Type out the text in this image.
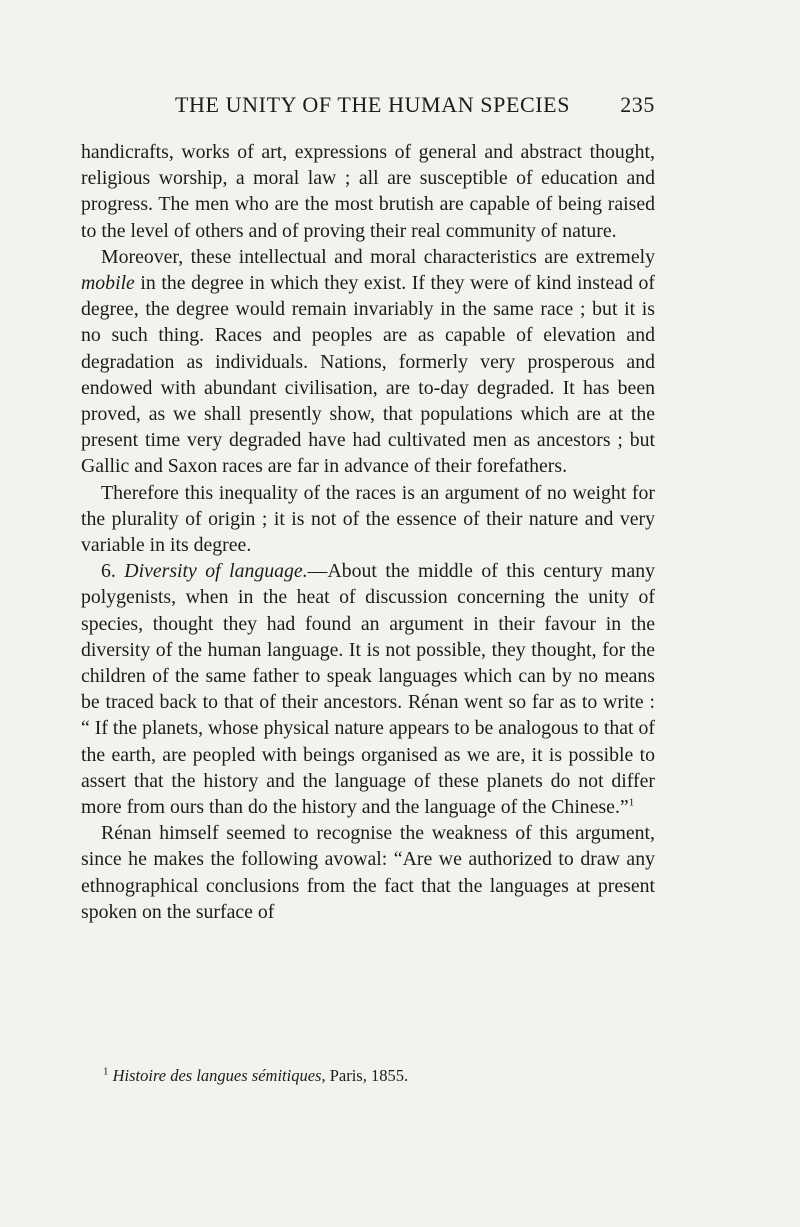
THE UNITY OF THE HUMAN SPECIES 235

handicrafts, works of art, expressions of general and abstract thought, religious worship, a moral law ; all are susceptible of education and progress. The men who are the most brutish are capable of being raised to the level of others and of proving their real community of nature.

Moreover, these intellectual and moral characteristics are extremely mobile in the degree in which they exist. If they were of kind instead of degree, the degree would remain invariably in the same race ; but it is no such thing. Races and peoples are as capable of elevation and degradation as individuals. Nations, formerly very prosperous and endowed with abundant civilisation, are to-day degraded. It has been proved, as we shall presently show, that populations which are at the present time very degraded have had cultivated men as ancestors ; but Gallic and Saxon races are far in advance of their forefathers.

Therefore this inequality of the races is an argument of no weight for the plurality of origin ; it is not of the essence of their nature and very variable in its degree.

6. Diversity of language.—About the middle of this century many polygenists, when in the heat of discussion concerning the unity of species, thought they had found an argument in their favour in the diversity of the human language. It is not possible, they thought, for the children of the same father to speak languages which can by no means be traced back to that of their ancestors. Rénan went so far as to write : “ If the planets, whose physical nature appears to be analogous to that of the earth, are peopled with beings organised as we are, it is possible to assert that the history and the language of these planets do not differ more from ours than do the history and the language of the Chinese.”$^1$

Rénan himself seemed to recognise the weakness of this argument, since he makes the following avowal: “Are we authorized to draw any ethnographical conclusions from the fact that the languages at present spoken on the surface of

$^1$ Histoire des langues sémitiques, Paris, 1855.
